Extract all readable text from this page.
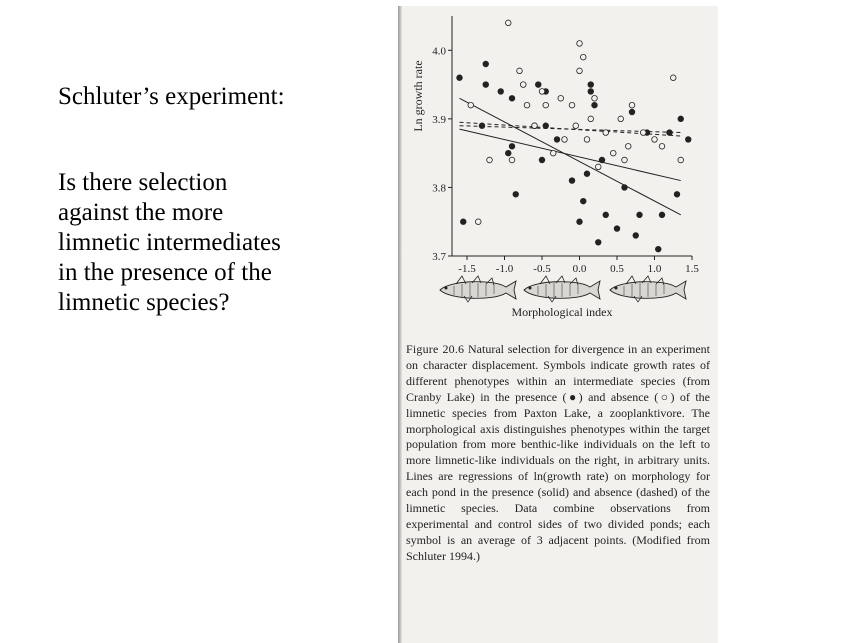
Schluter’s experiment:

Is there selection against the more limnetic intermediates in the presence of the limnetic species?

3.7
3.8
3.9
4.0
-1.5 -1.0 -0.5 0.0 0.5 1.0 1.5
Ln growth rate
Morphological index
Figure 20.6 Natural selection for divergence in an experiment on character displacement. Symbols indicate growth rates of different phenotypes within an intermediate species (from Cranby Lake) in the presence (●) and absence (○) of the limnetic species from Paxton Lake, a zooplanktivore. The morphological axis distinguishes phenotypes within the target population from more benthic-like individuals on the left to more limnetic-like individuals on the right, in arbitrary units. Lines are regressions of ln(growth rate) on morphology for each pond in the presence (solid) and absence (dashed) of the limnetic species. Data combine observations from experimental and control sides of two divided ponds; each symbol is an average of 3 adjacent points. (Modified from Schluter 1994.)
